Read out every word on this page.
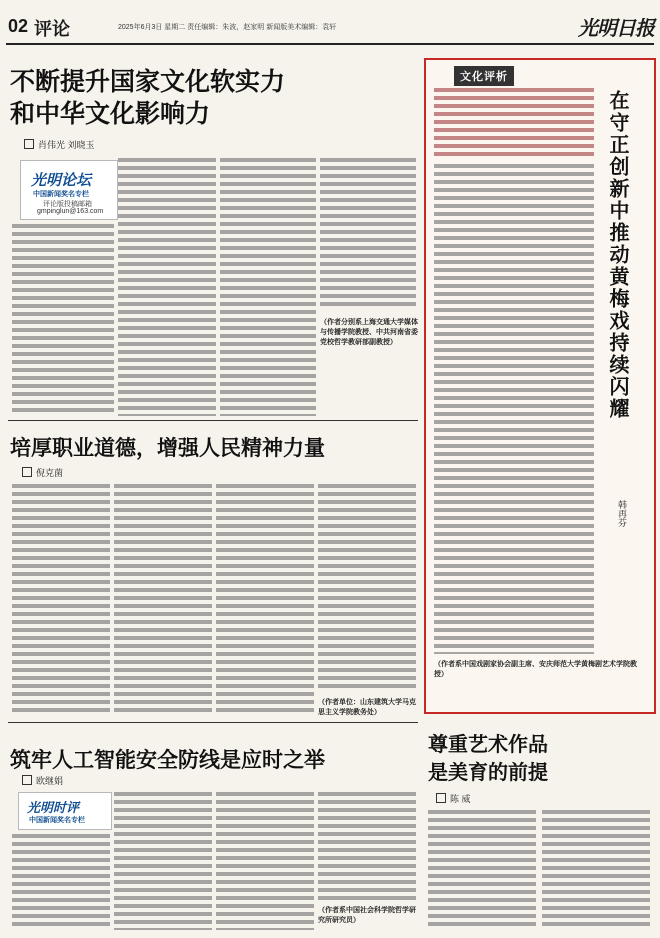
02 评论	2025年6月3日 星期二 责任编辑：朱波，赵家明 新闻版美术编辑：袁轩	光明日报
不断提升国家文化软实力
和中华文化影响力
肖伟光 刘晓玉
光明论坛
中国新闻奖名专栏
评论版投稿邮箱
gmpinglun@163.com
（作者分别系上海交通大学媒体与传播学院教授、中共河南省委党校哲学教研部副教授）
培厚职业道德，增强人民精神力量
倪克菌
（作者单位：山东建筑大学马克思主义学院教务处）
筑牢人工智能安全防线是应时之举
欧继娟
光明时评
中国新闻奖名专栏
（作者系中国社会科学院哲学研究所研究员）
文化评析
在守正创新中推动黄梅戏持续闪耀
韩再芬
（作者系中国戏剧家协会副主席、安庆师范大学黄梅剧艺术学院教授）
尊重艺术作品
是美育的前提
陈 威
